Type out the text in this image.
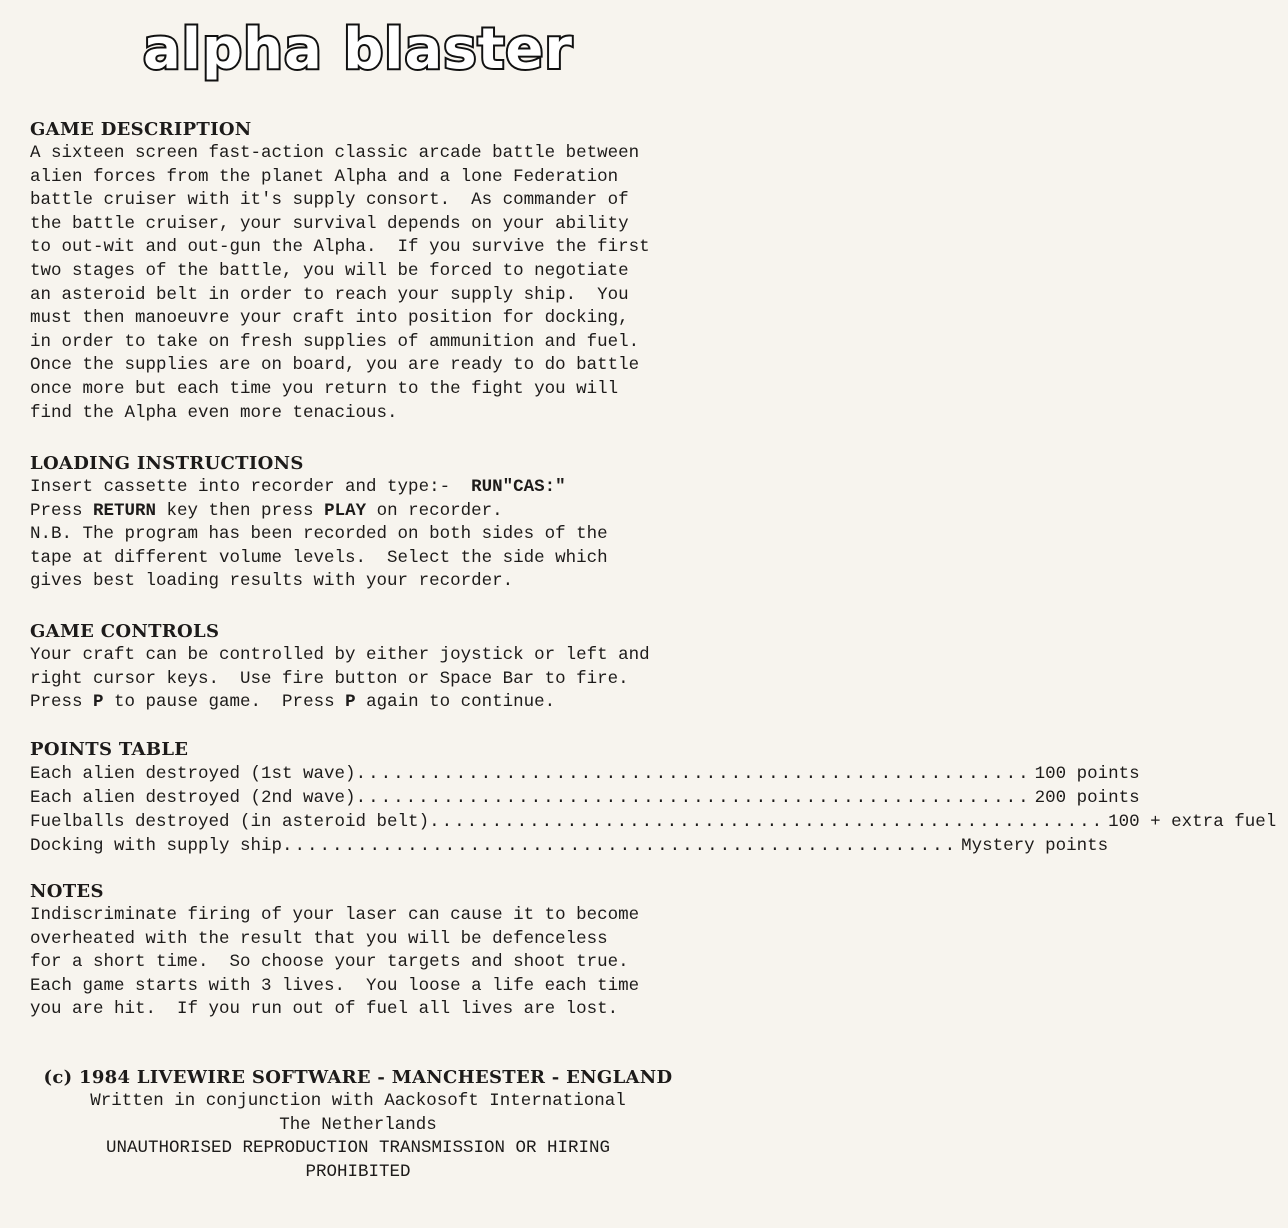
alpha blaster
GAME DESCRIPTION
A sixteen screen fast-action classic arcade battle between
alien forces from the planet Alpha and a lone Federation
battle cruiser with it's supply consort.  As commander of
the battle cruiser, your survival depends on your ability
to out-wit and out-gun the Alpha.  If you survive the first
two stages of the battle, you will be forced to negotiate
an asteroid belt in order to reach your supply ship.  You
must then manoeuvre your craft into position for docking,
in order to take on fresh supplies of ammunition and fuel.
Once the supplies are on board, you are ready to do battle
once more but each time you return to the fight you will
find the Alpha even more tenacious.
LOADING INSTRUCTIONS
Insert cassette into recorder and type:-  RUN"CAS:"
Press RETURN key then press PLAY on recorder.
N.B. The program has been recorded on both sides of the
tape at different volume levels.  Select the side which
gives best loading results with your recorder.
GAME CONTROLS
Your craft can be controlled by either joystick or left and
right cursor keys.  Use fire button or Space Bar to fire.
Press P to pause game.  Press P again to continue.
POINTS TABLE
Each alien destroyed (1st wave) ...................................................... 100 points
Each alien destroyed (2nd wave) ...................................................... 200 points
Fuelballs destroyed (in asteroid belt) ...................................................... 100 + extra fuel
Docking with supply ship ...................................................... Mystery points
NOTES
Indiscriminate firing of your laser can cause it to become
overheated with the result that you will be defenceless
for a short time.  So choose your targets and shoot true.
Each game starts with 3 lives.  You loose a life each time
you are hit.  If you run out of fuel all lives are lost.
(c) 1984 LIVEWIRE SOFTWARE - MANCHESTER - ENGLAND
Written in conjunction with Aackosoft International
The Netherlands
UNAUTHORISED REPRODUCTION TRANSMISSION OR HIRING
PROHIBITED
